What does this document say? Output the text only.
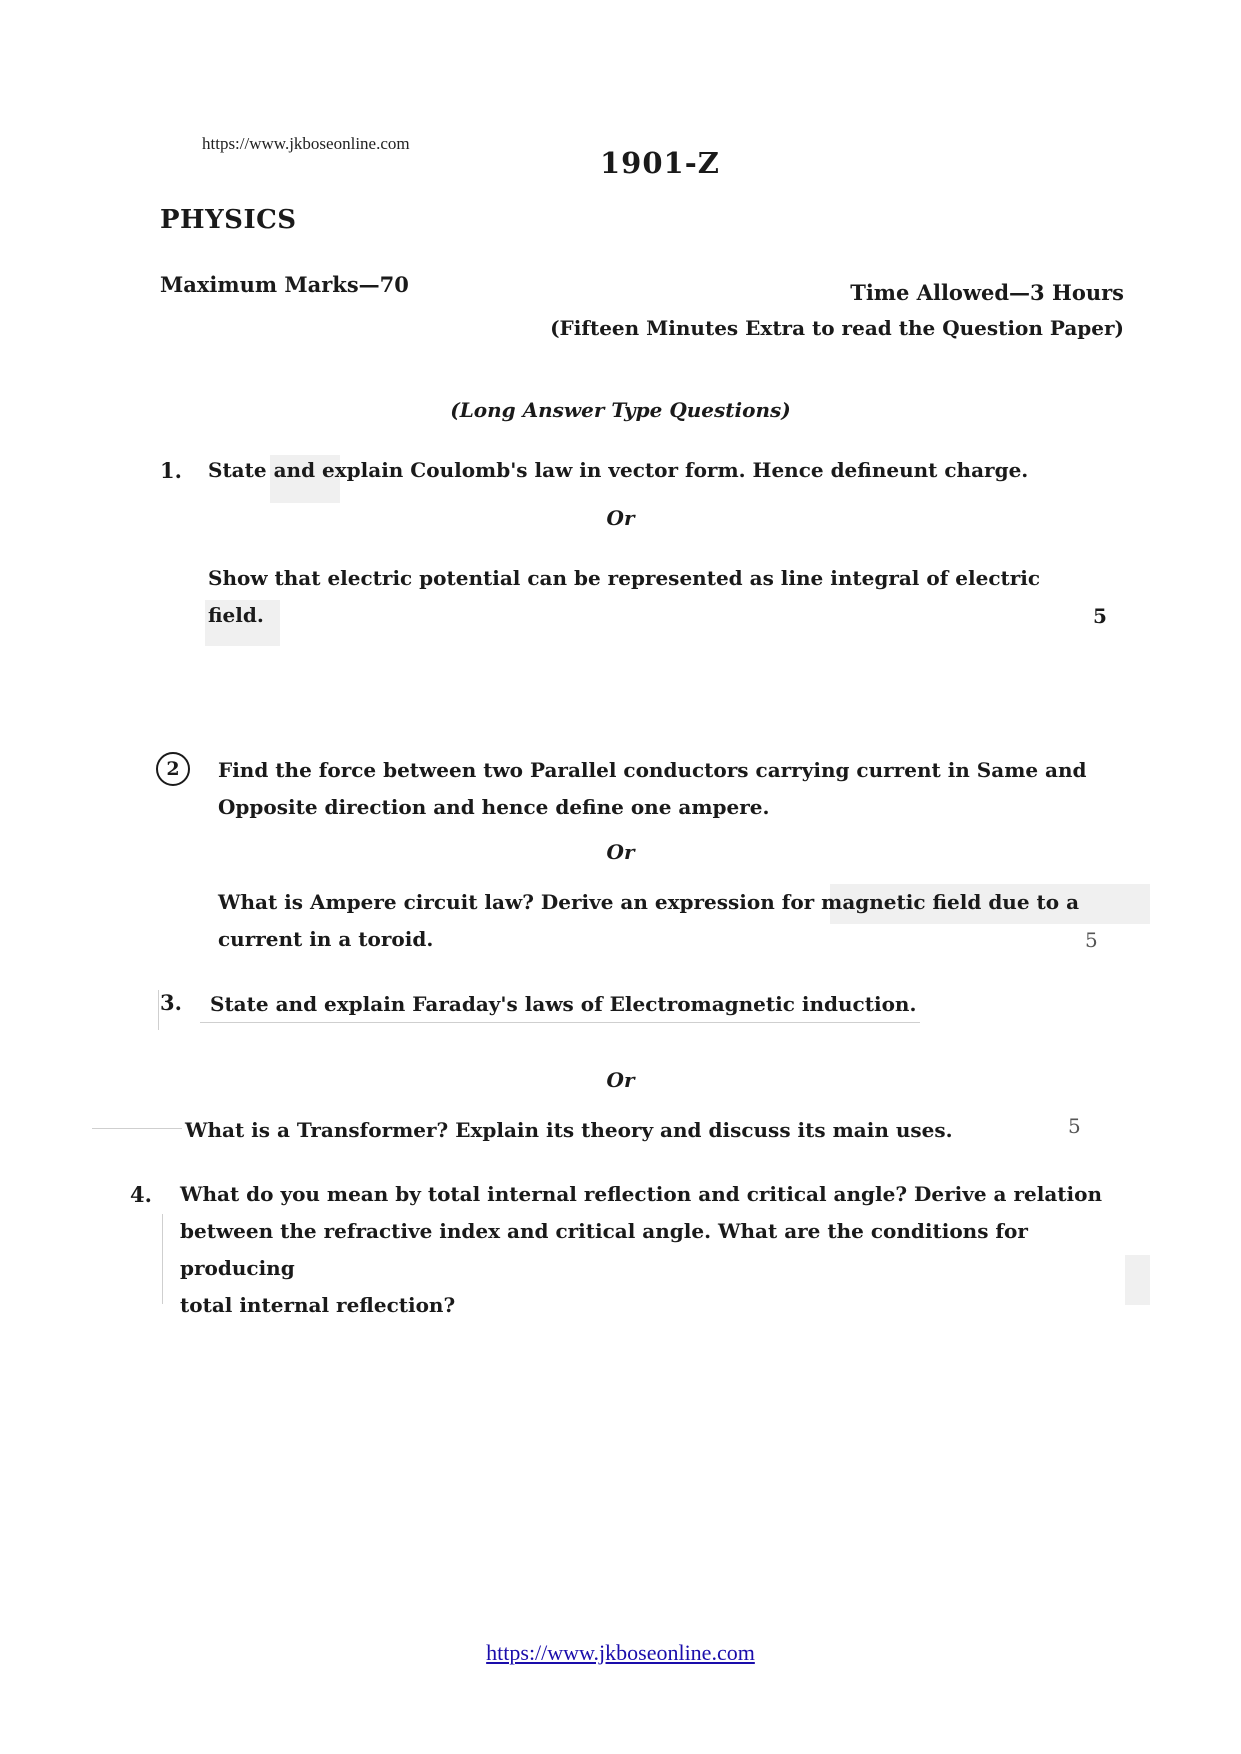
https://www.jkboseonline.com
1901-Z
PHYSICS
Maximum Marks—70	Time Allowed—3 Hours
(Fifteen Minutes Extra to read the Question Paper)
(Long Answer Type Questions)
1. State and explain Coulomb's law in vector form. Hence defineunt charge.
Or
Show that electric potential can be represented as line integral of electric
field.	5
2	Find the force between two Parallel conductors carrying current in Same and
Opposite direction and hence define one ampere.
Or
What is Ampere circuit law? Derive an expression for magnetic field due to a
current in a toroid.	5
3. State and explain Faraday's laws of Electromagnetic induction.
Or
What is a Transformer? Explain its theory and discuss its main uses.	5
4. What do you mean by total internal reflection and critical angle? Derive a relation
between the refractive index and critical angle. What are the conditions for producing
total internal reflection?
https://www.jkboseonline.com
